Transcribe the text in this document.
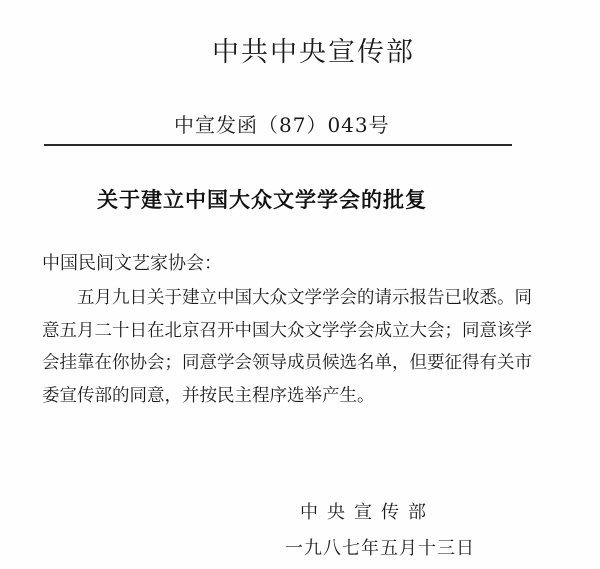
中共中央宣传部
中宣发函（87）043号
关于建立中国大众文学学会的批复
中国民间文艺家协会：
五月九日关于建立中国大众文学学会的请示报告已收悉。同意五月二十日在北京召开中国大众文学学会成立大会；同意该学会挂靠在你协会；同意学会领导成员候选名单，但要征得有关市委宣传部的同意，并按民主程序选举产生。
中央宣传部
一九八七年五月十三日
